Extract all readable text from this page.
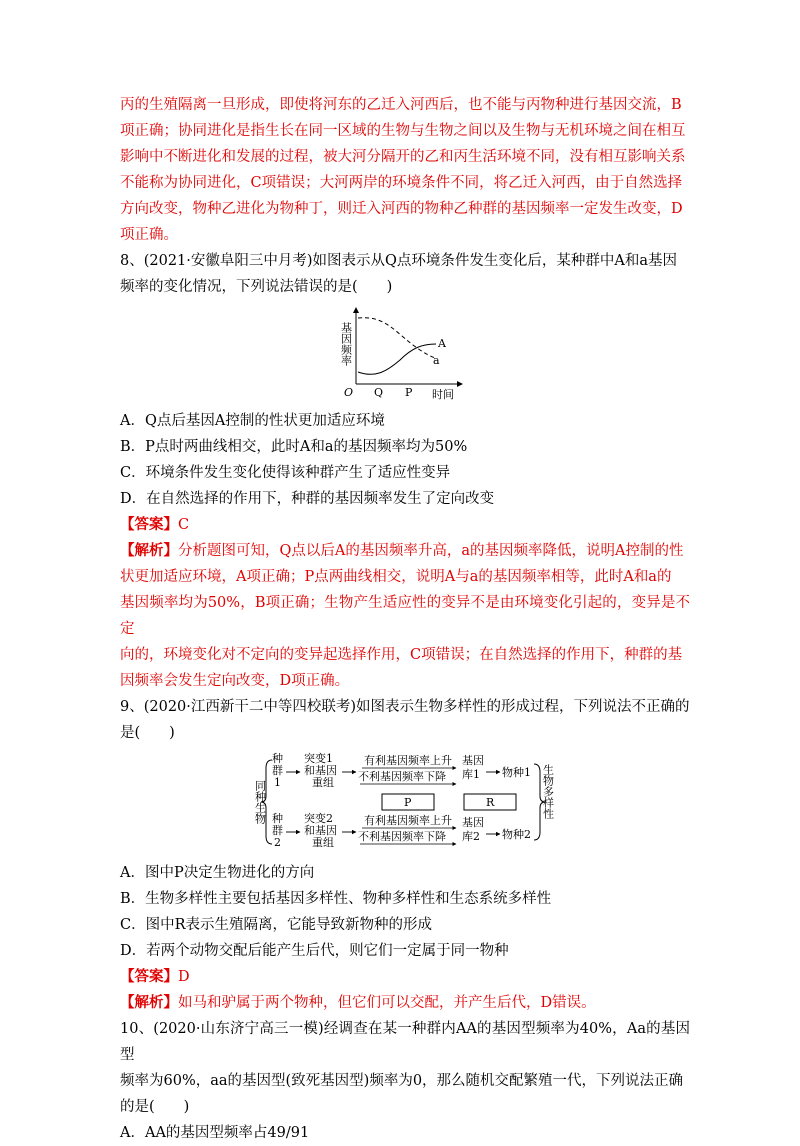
丙的生殖隔离一旦形成，即使将河东的乙迁入河西后，也不能与丙物种进行基因交流，B

项正确；协同进化是指生长在同一区域的生物与生物之间以及生物与无机环境之间在相互

影响中不断进化和发展的过程，被大河分隔开的乙和丙生活环境不同，没有相互影响关系

不能称为协同进化，C项错误；大河两岸的环境条件不同，将乙迁入河西，由于自然选择

方向改变，物种乙进化为物种丁，则迁入河西的物种乙种群的基因频率一定发生改变，D

项正确。

8、(2021·安徽阜阳三中月考)如图表示从Q点环境条件发生变化后，某种群中A和a基因

频率的变化情况，下列说法错误的是(　　)

基因频率
O Q P 时间
A
a

A．Q点后基因A控制的性状更加适应环境

B．P点时两曲线相交，此时A和a的基因频率均为50%

C．环境条件发生变化使得该种群产生了适应性变异

D．在自然选择的作用下，种群的基因频率发生了定向改变

【答案】C

【解析】分析题图可知，Q点以后A的基因频率升高，a的基因频率降低，说明A控制的性

状更加适应环境，A项正确；P点两曲线相交，说明A与a的基因频率相等，此时A和a的

基因频率均为50%，B项正确；生物产生适应性的变异不是由环境变化引起的，变异是不定

向的，环境变化对不定向的变异起选择作用，C项错误；在自然选择的作用下，种群的基

因频率会发生定向改变，D项正确。

9、(2020·江西新干二中等四校联考)如图表示生物多样性的形成过程，下列说法不正确的

是(　　)

同种生物
种
群
1
种
群
2
突变1
和基因
重组
突变2
和基因
重组
有利基因频率上升
不利基因频率下降
有利基因频率上升
不利基因频率下降
P	R
基因
库1
基因
库2
物种1
物种2
生物多样性

A．图中P决定生物进化的方向

B．生物多样性主要包括基因多样性、物种多样性和生态系统多样性

C．图中R表示生殖隔离，它能导致新物种的形成

D．若两个动物交配后能产生后代，则它们一定属于同一物种

【答案】D

【解析】如马和驴属于两个物种，但它们可以交配，并产生后代，D错误。

10、(2020·山东济宁高三一模)经调查在某一种群内AA的基因型频率为40%，Aa的基因型

频率为60%，aa的基因型(致死基因型)频率为0，那么随机交配繁殖一代，下列说法正确

的是(　　)

A．AA的基因型频率占49/91
